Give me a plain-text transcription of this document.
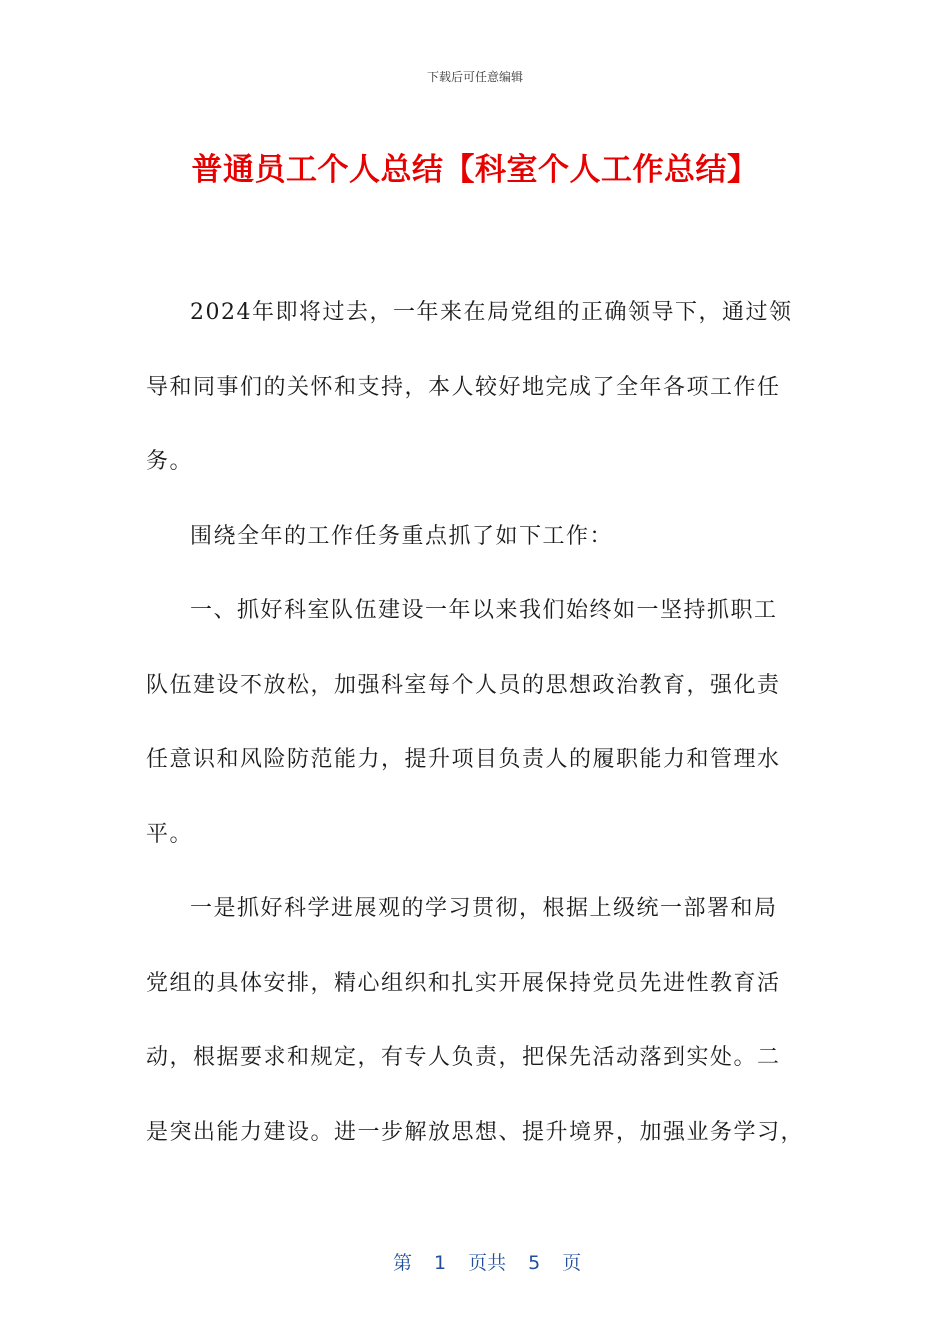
下载后可任意编辑
普通员工个人总结【科室个人工作总结】

2024年即将过去，一年来在局党组的正确领导下，通过领
导和同事们的关怀和支持，本人较好地完成了全年各项工作任
务。

围绕全年的工作任务重点抓了如下工作：

一、抓好科室队伍建设一年以来我们始终如一坚持抓职工
队伍建设不放松，加强科室每个人员的思想政治教育，强化责
任意识和风险防范能力，提升项目负责人的履职能力和管理水
平。

一是抓好科学进展观的学习贯彻，根据上级统一部署和局
党组的具体安排，精心组织和扎实开展保持党员先进性教育活
动，根据要求和规定，有专人负责，把保先活动落到实处。二
是突出能力建设。进一步解放思想、提升境界，加强业务学习，

第 1 页共 5 页
